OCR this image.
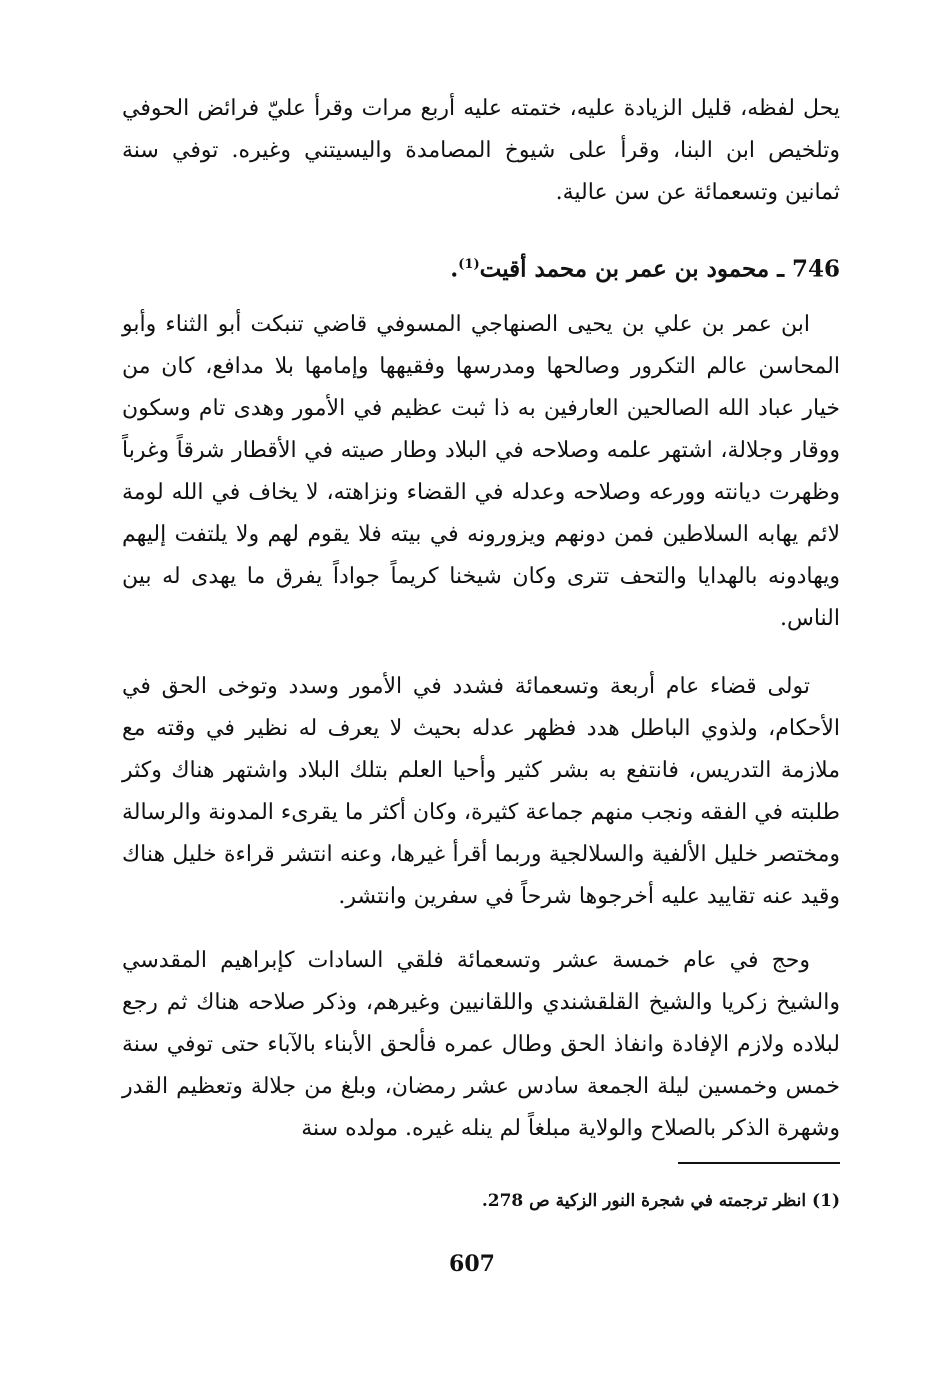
يحل لفظه، قليل الزيادة عليه، ختمته عليه أربع مرات وقرأ عليّ فرائض الحوفي وتلخيص ابن البنا، وقرأ على شيوخ المصامدة واليسيتني وغيره. توفي سنة ثمانين وتسعمائة عن سن عالية.

746 ـ محمود بن عمر بن محمد أقيت$^{(1)}$.

ابن عمر بن علي بن يحيى الصنهاجي المسوفي قاضي تنبكت أبو الثناء وأبو المحاسن عالم التكرور وصالحها ومدرسها وفقيهها وإمامها بلا مدافع، كان من خيار عباد الله الصالحين العارفين به ذا ثبت عظيم في الأمور وهدى تام وسكون ووقار وجلالة، اشتهر علمه وصلاحه في البلاد وطار صيته في الأقطار شرقاً وغرباً وظهرت ديانته وورعه وصلاحه وعدله في القضاء ونزاهته، لا يخاف في الله لومة لائم يهابه السلاطين فمن دونهم ويزورونه في بيته فلا يقوم لهم ولا يلتفت إليهم ويهادونه بالهدايا والتحف تترى وكان شيخنا كريماً جواداً يفرق ما يهدى له بين الناس.

تولى قضاء عام أربعة وتسعمائة فشدد في الأمور وسدد وتوخى الحق في الأحكام، ولذوي الباطل هدد فظهر عدله بحيث لا يعرف له نظير في وقته مع ملازمة التدريس، فانتفع به بشر كثير وأحيا العلم بتلك البلاد واشتهر هناك وكثر طلبته في الفقه ونجب منهم جماعة كثيرة، وكان أكثر ما يقرىء المدونة والرسالة ومختصر خليل الألفية والسلالجية وربما أقرأ غيرها، وعنه انتشر قراءة خليل هناك وقيد عنه تقاييد عليه أخرجوها شرحاً في سفرين وانتشر.

وحج في عام خمسة عشر وتسعمائة فلقي السادات كإبراهيم المقدسي والشيخ زكريا والشيخ القلقشندي واللقانيين وغيرهم، وذكر صلاحه هناك ثم رجع لبلاده ولازم الإفادة وانفاذ الحق وطال عمره فألحق الأبناء بالآباء حتى توفي سنة خمس وخمسين ليلة الجمعة سادس عشر رمضان، وبلغ من جلالة وتعظيم القدر وشهرة الذكر بالصلاح والولاية مبلغاً لم ينله غيره. مولده سنة

(1) انظر ترجمته في شجرة النور الزكية ص 278.
607
